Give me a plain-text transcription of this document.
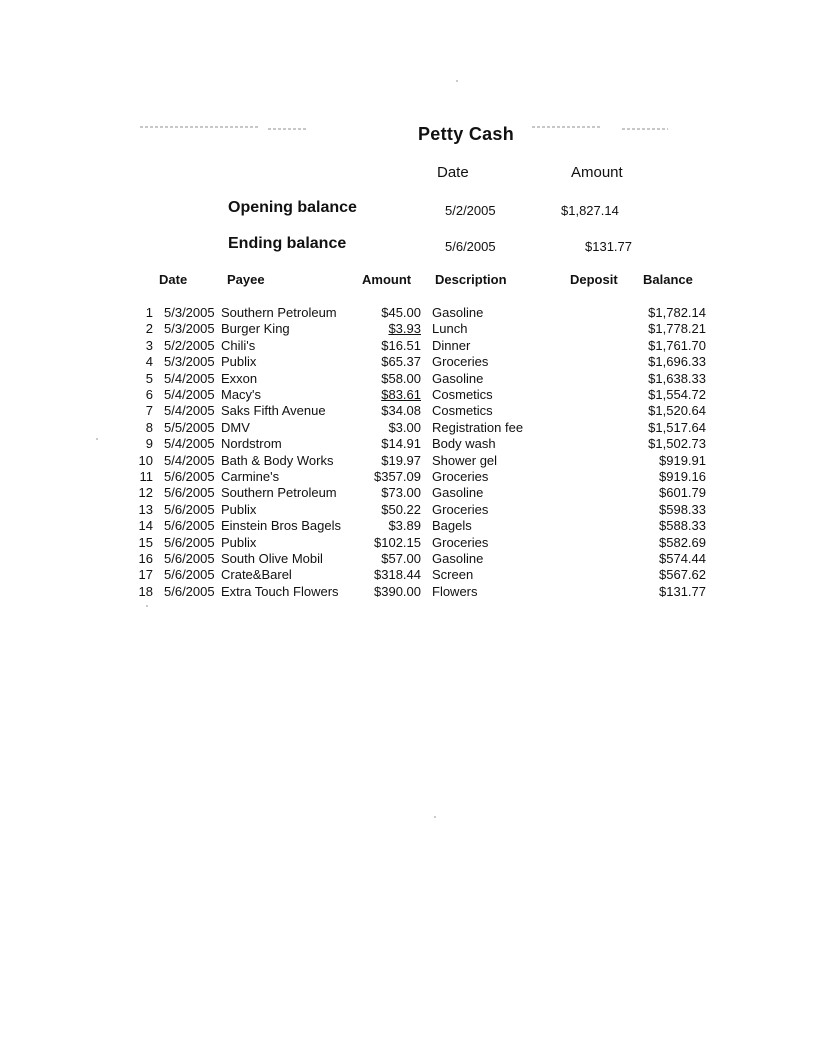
Petty Cash
Date	Amount
Opening balance	5/2/2005	$1,827.14
Ending balance	5/6/2005	$131.77
Date	Payee	Amount Description	Deposit Balance
1 5/3/2005 Southern Petroleum	$45.00 Gasoline	$1,782.14
2 5/3/2005 Burger King	$3.93 Lunch	$1,778.21
3 5/2/2005 Chili's	$16.51 Dinner	$1,761.70
4 5/3/2005 Publix	$65.37 Groceries	$1,696.33
5 5/4/2005 Exxon	$58.00 Gasoline	$1,638.33
6 5/4/2005 Macy's	$83.61 Cosmetics	$1,554.72
7 5/4/2005 Saks Fifth Avenue	$34.08 Cosmetics	$1,520.64
8 5/5/2005 DMV	$3.00 Registration fee	$1,517.64
9 5/4/2005 Nordstrom	$14.91 Body wash	$1,502.73
10 5/4/2005 Bath & Body Works	$19.97 Shower gel	$919.91
11 5/6/2005 Carmine's	$357.09 Groceries	$919.16
12 5/6/2005 Southern Petroleum	$73.00 Gasoline	$601.79
13 5/6/2005 Publix	$50.22 Groceries	$598.33
14 5/6/2005 Einstein Bros Bagels	$3.89 Bagels	$588.33
15 5/6/2005 Publix	$102.15 Groceries	$582.69
16 5/6/2005 South Olive Mobil	$57.00 Gasoline	$574.44
17 5/6/2005 Crate&Barel	$318.44 Screen	$567.62
18 5/6/2005 Extra Touch Flowers	$390.00 Flowers	$131.77
